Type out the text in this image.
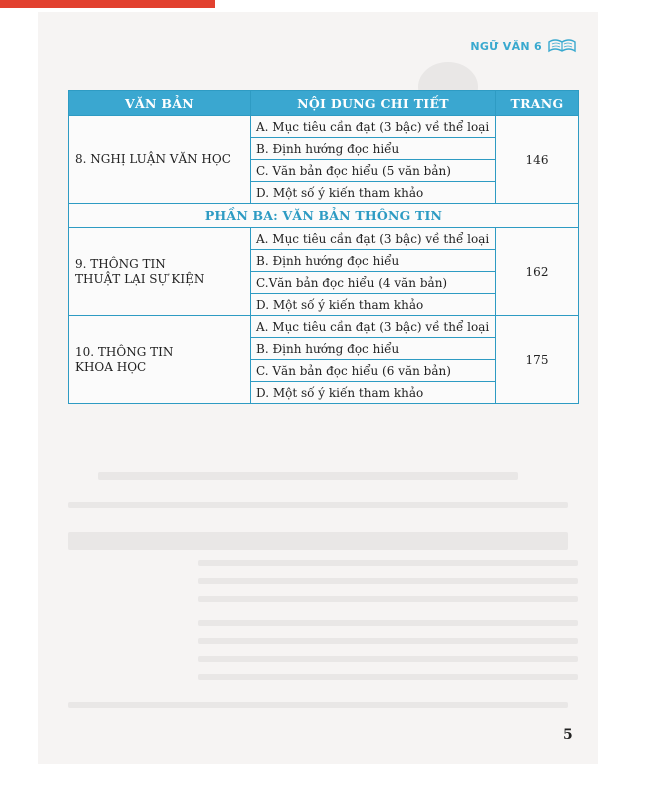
NGỮ VĂN 6
VĂN BẢN	NỘI DUNG CHI TIẾT	TRANG
8. NGHỊ LUẬN VĂN HỌC	A. Mục tiêu cần đạt (3 bậc) về thể loại	146
	B. Định hướng đọc hiểu	
	C. Văn bản đọc hiểu (5 văn bản)	
	D. Một số ý kiến tham khảo	
PHẦN BA: VĂN BẢN THÔNG TIN		
9. THÔNG TIN
THUẬT LẠI SỰ KIỆN	A. Mục tiêu cần đạt (3 bậc) về thể loại	162
	B. Định hướng đọc hiểu	
	C.Văn bản đọc hiểu (4 văn bản)	
	D. Một số ý kiến tham khảo	
10. THÔNG TIN
KHOA HỌC	A. Mục tiêu cần đạt (3 bậc) về thể loại	175
	B. Định hướng đọc hiểu	
	C. Văn bản đọc hiểu (6 văn bản)	
	D. Một số ý kiến tham khảo	
5
